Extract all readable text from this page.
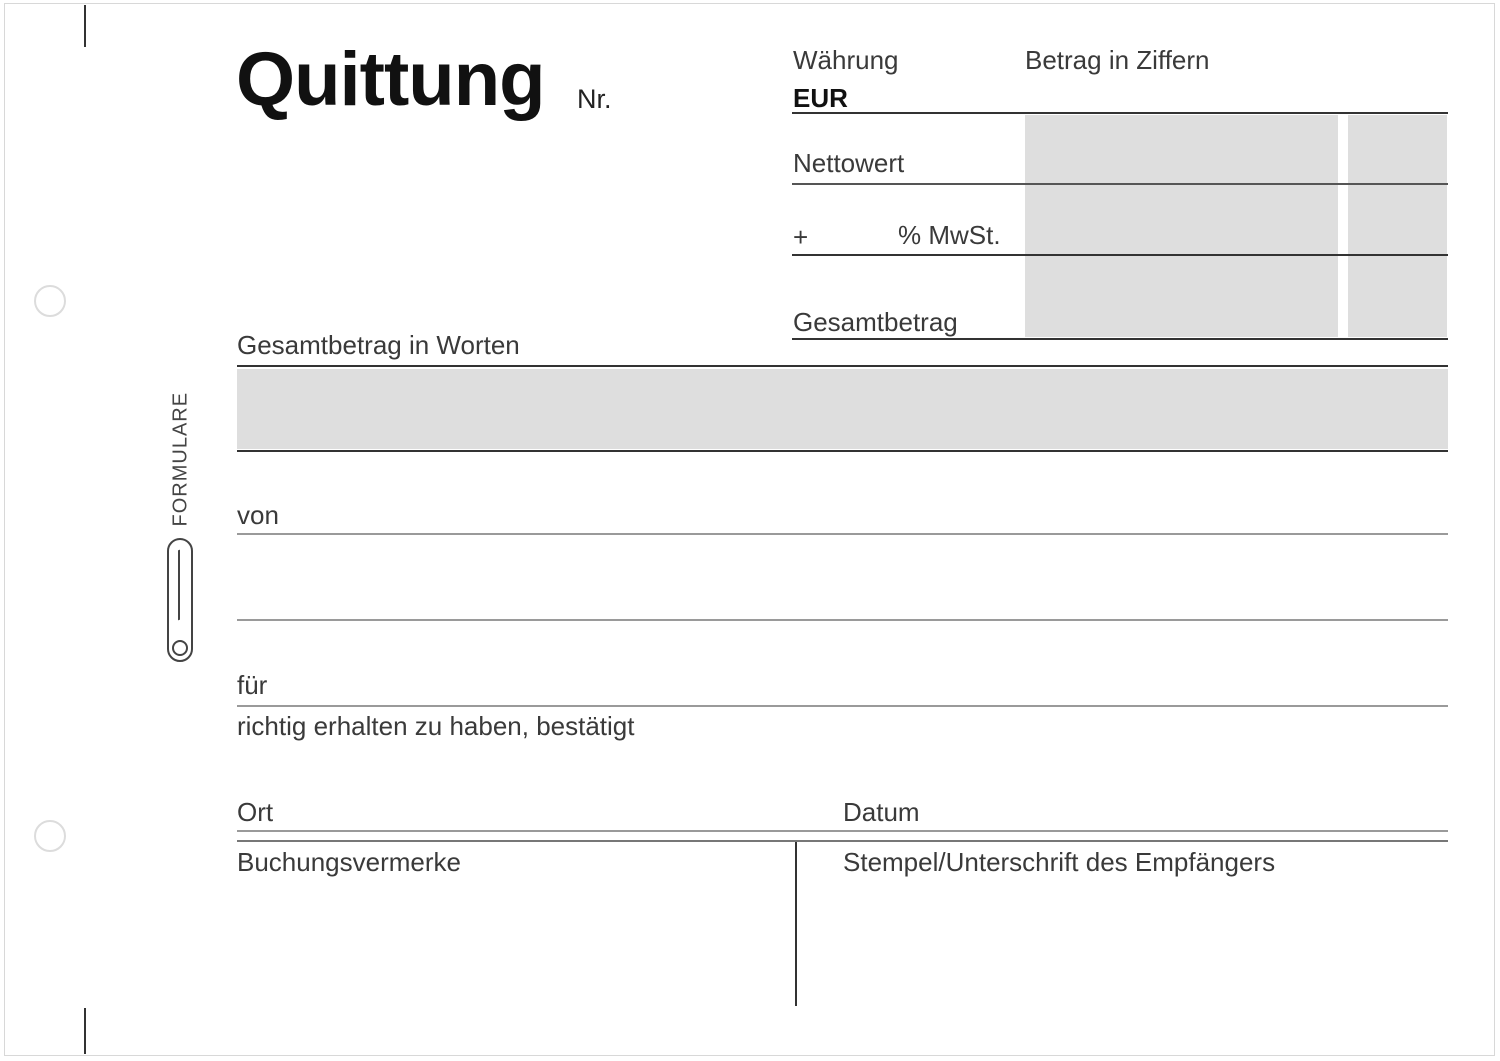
FORMULARE
Quittung Nr.
Währung	Betrag in Ziffern
EUR
Nettowert
+	% MwSt.
Gesamtbetrag
Gesamtbetrag in Worten
von
für
richtig erhalten zu haben, bestätigt
Ort	Datum
Buchungsvermerke	Stempel/Unterschrift des Empfängers
